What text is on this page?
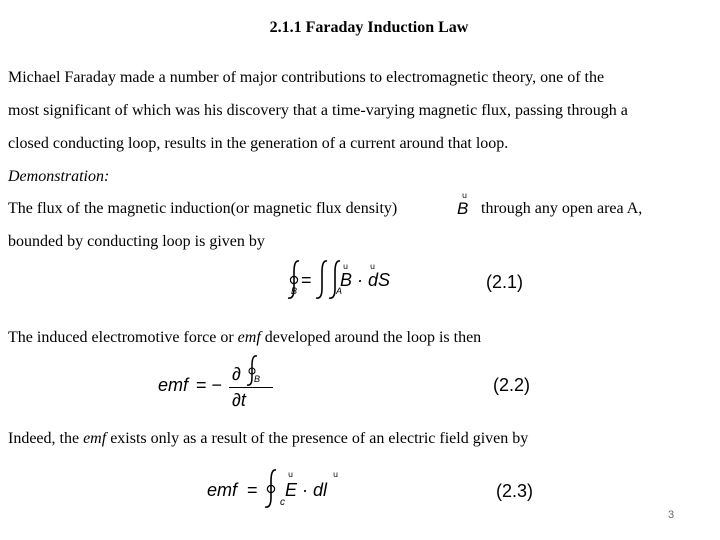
2.1.1 Faraday Induction Law
Michael Faraday made a number of major contributions to electromagnetic theory, one of the
most significant of which was his discovery that a time-varying magnetic flux, passing through a
closed conducting loop, results in the generation of a current around that loop.
Demonstration:
The flux of the magnetic induction(or magnetic flux density)
u
B through any open area A,
bounded by conducting loop is given by
B
=
A
u	u
B · dS	(2.1)
The induced electromotive force or emf developed around the loop is then
emf = −
∂ B
∂t
(2.2)
Indeed, the emf exists only as a result of the presence of an electric field given by
emf =
c
u	u
E · dl	(2.3)
3
